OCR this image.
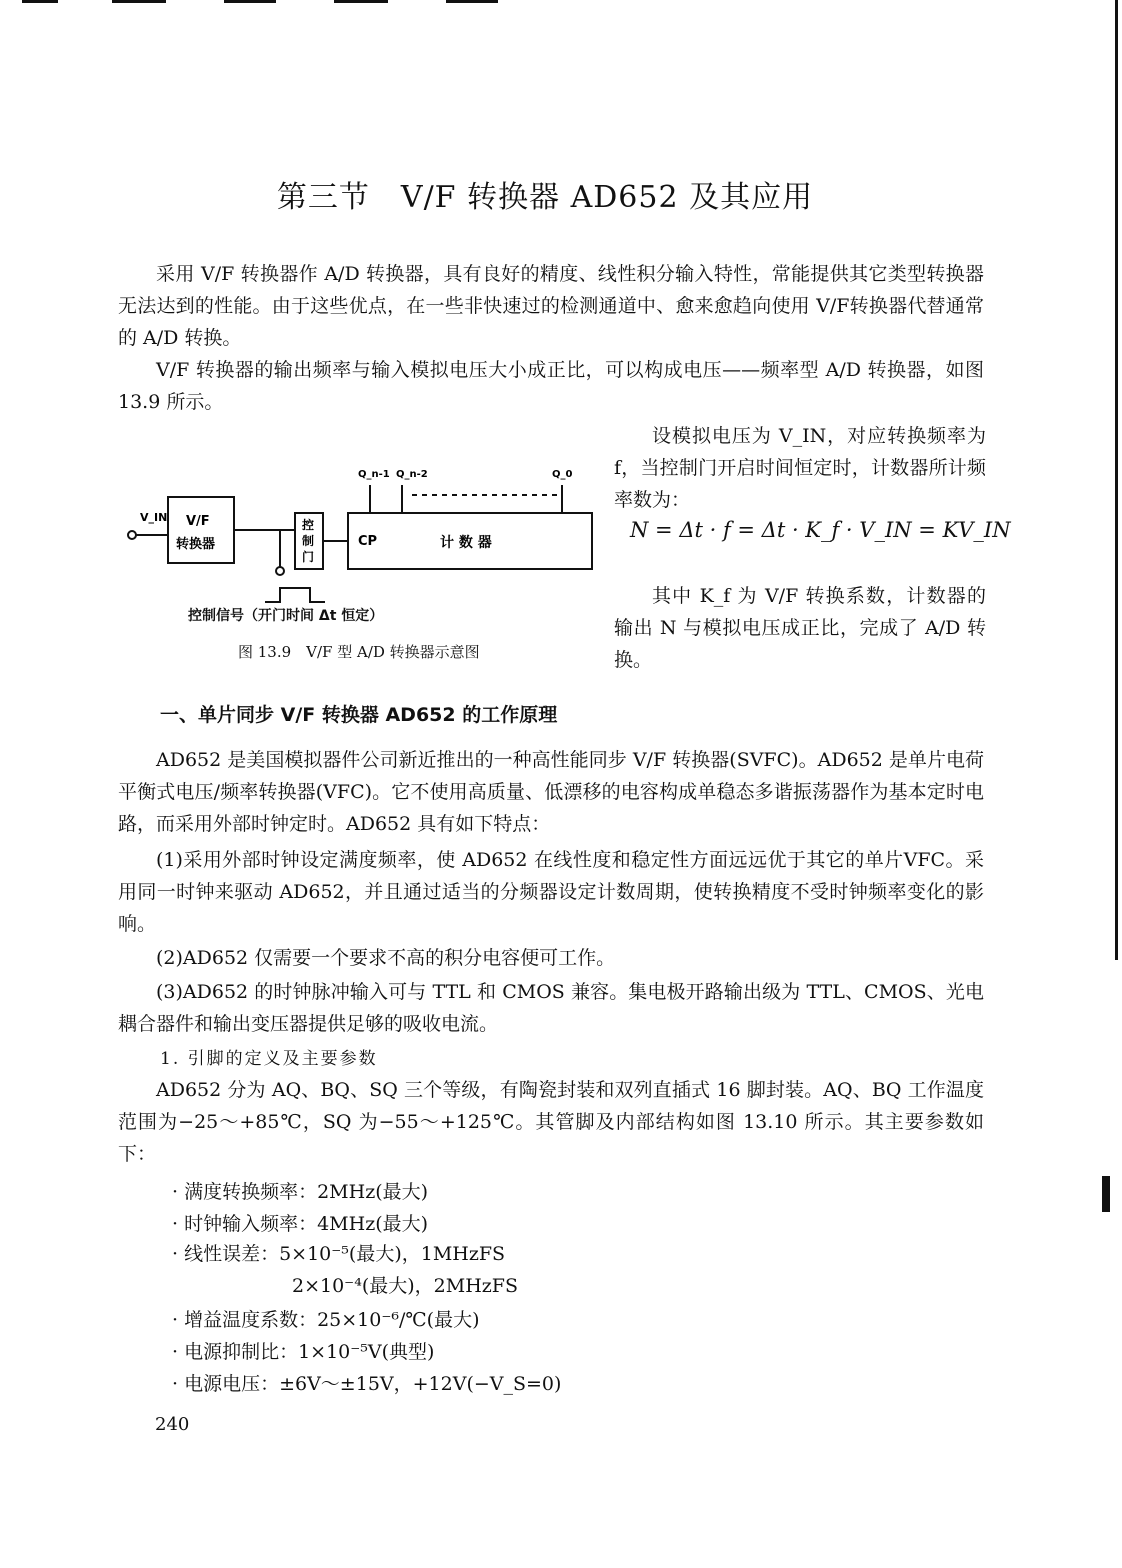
第三节　V/F 转换器 AD652 及其应用

采用 V/F 转换器作 A/D 转换器，具有良好的精度、线性积分输入特性，常能提供其它类型转换器无法达到的性能。由于这些优点，在一些非快速过的检测通道中、愈来愈趋向使用 V/F转换器代替通常的 A/D 转换。

V/F 转换器的输出频率与输入模拟电压大小成正比，可以构成电压——频率型 A/D 转换器，如图 13.9 所示。

V_IN V/F
转换器
控
制
门
CP	计 数 器
Q_n-1 Q_n-2	Q_0

控制信号（开门时间 Δt 恒定）

图 13.9　V/F 型 A/D 转换器示意图

设模拟电压为 V_IN，对应转换频率为 f，当控制门开启时间恒定时，计数器所计频率数为：

N = Δt · f = Δt · K_f · V_IN = KV_IN

其中 K_f 为 V/F 转换系数，计数器的输出 N 与模拟电压成正比，完成了 A/D 转换。

一、单片同步 V/F 转换器 AD652 的工作原理

AD652 是美国模拟器件公司新近推出的一种高性能同步 V/F 转换器(SVFC)。AD652 是单片电荷平衡式电压/频率转换器(VFC)。它不使用高质量、低漂移的电容构成单稳态多谐振荡器作为基本定时电路，而采用外部时钟定时。AD652 具有如下特点：

(1)采用外部时钟设定满度频率，使 AD652 在线性度和稳定性方面远远优于其它的单片VFC。采用同一时钟来驱动 AD652，并且通过适当的分频器设定计数周期，使转换精度不受时钟频率变化的影响。

(2)AD652 仅需要一个要求不高的积分电容便可工作。

(3)AD652 的时钟脉冲输入可与 TTL 和 CMOS 兼容。集电极开路输出级为 TTL、CMOS、光电耦合器件和输出变压器提供足够的吸收电流。

1. 引脚的定义及主要参数

AD652 分为 AQ、BQ、SQ 三个等级，有陶瓷封装和双列直插式 16 脚封装。AQ、BQ 工作温度范围为−25～+85℃，SQ 为−55～+125℃。其管脚及内部结构如图 13.10 所示。其主要参数如下：

· 满度转换频率：2MHz(最大)

· 时钟输入频率：4MHz(最大)

· 线性误差：5×10⁻⁵(最大)，1MHzFS

2×10⁻⁴(最大)，2MHzFS

· 增益温度系数：25×10⁻⁶/℃(最大)

· 电源抑制比：1×10⁻⁵V(典型)

· 电源电压：±6V～±15V，+12V(−V_S=0)

240
